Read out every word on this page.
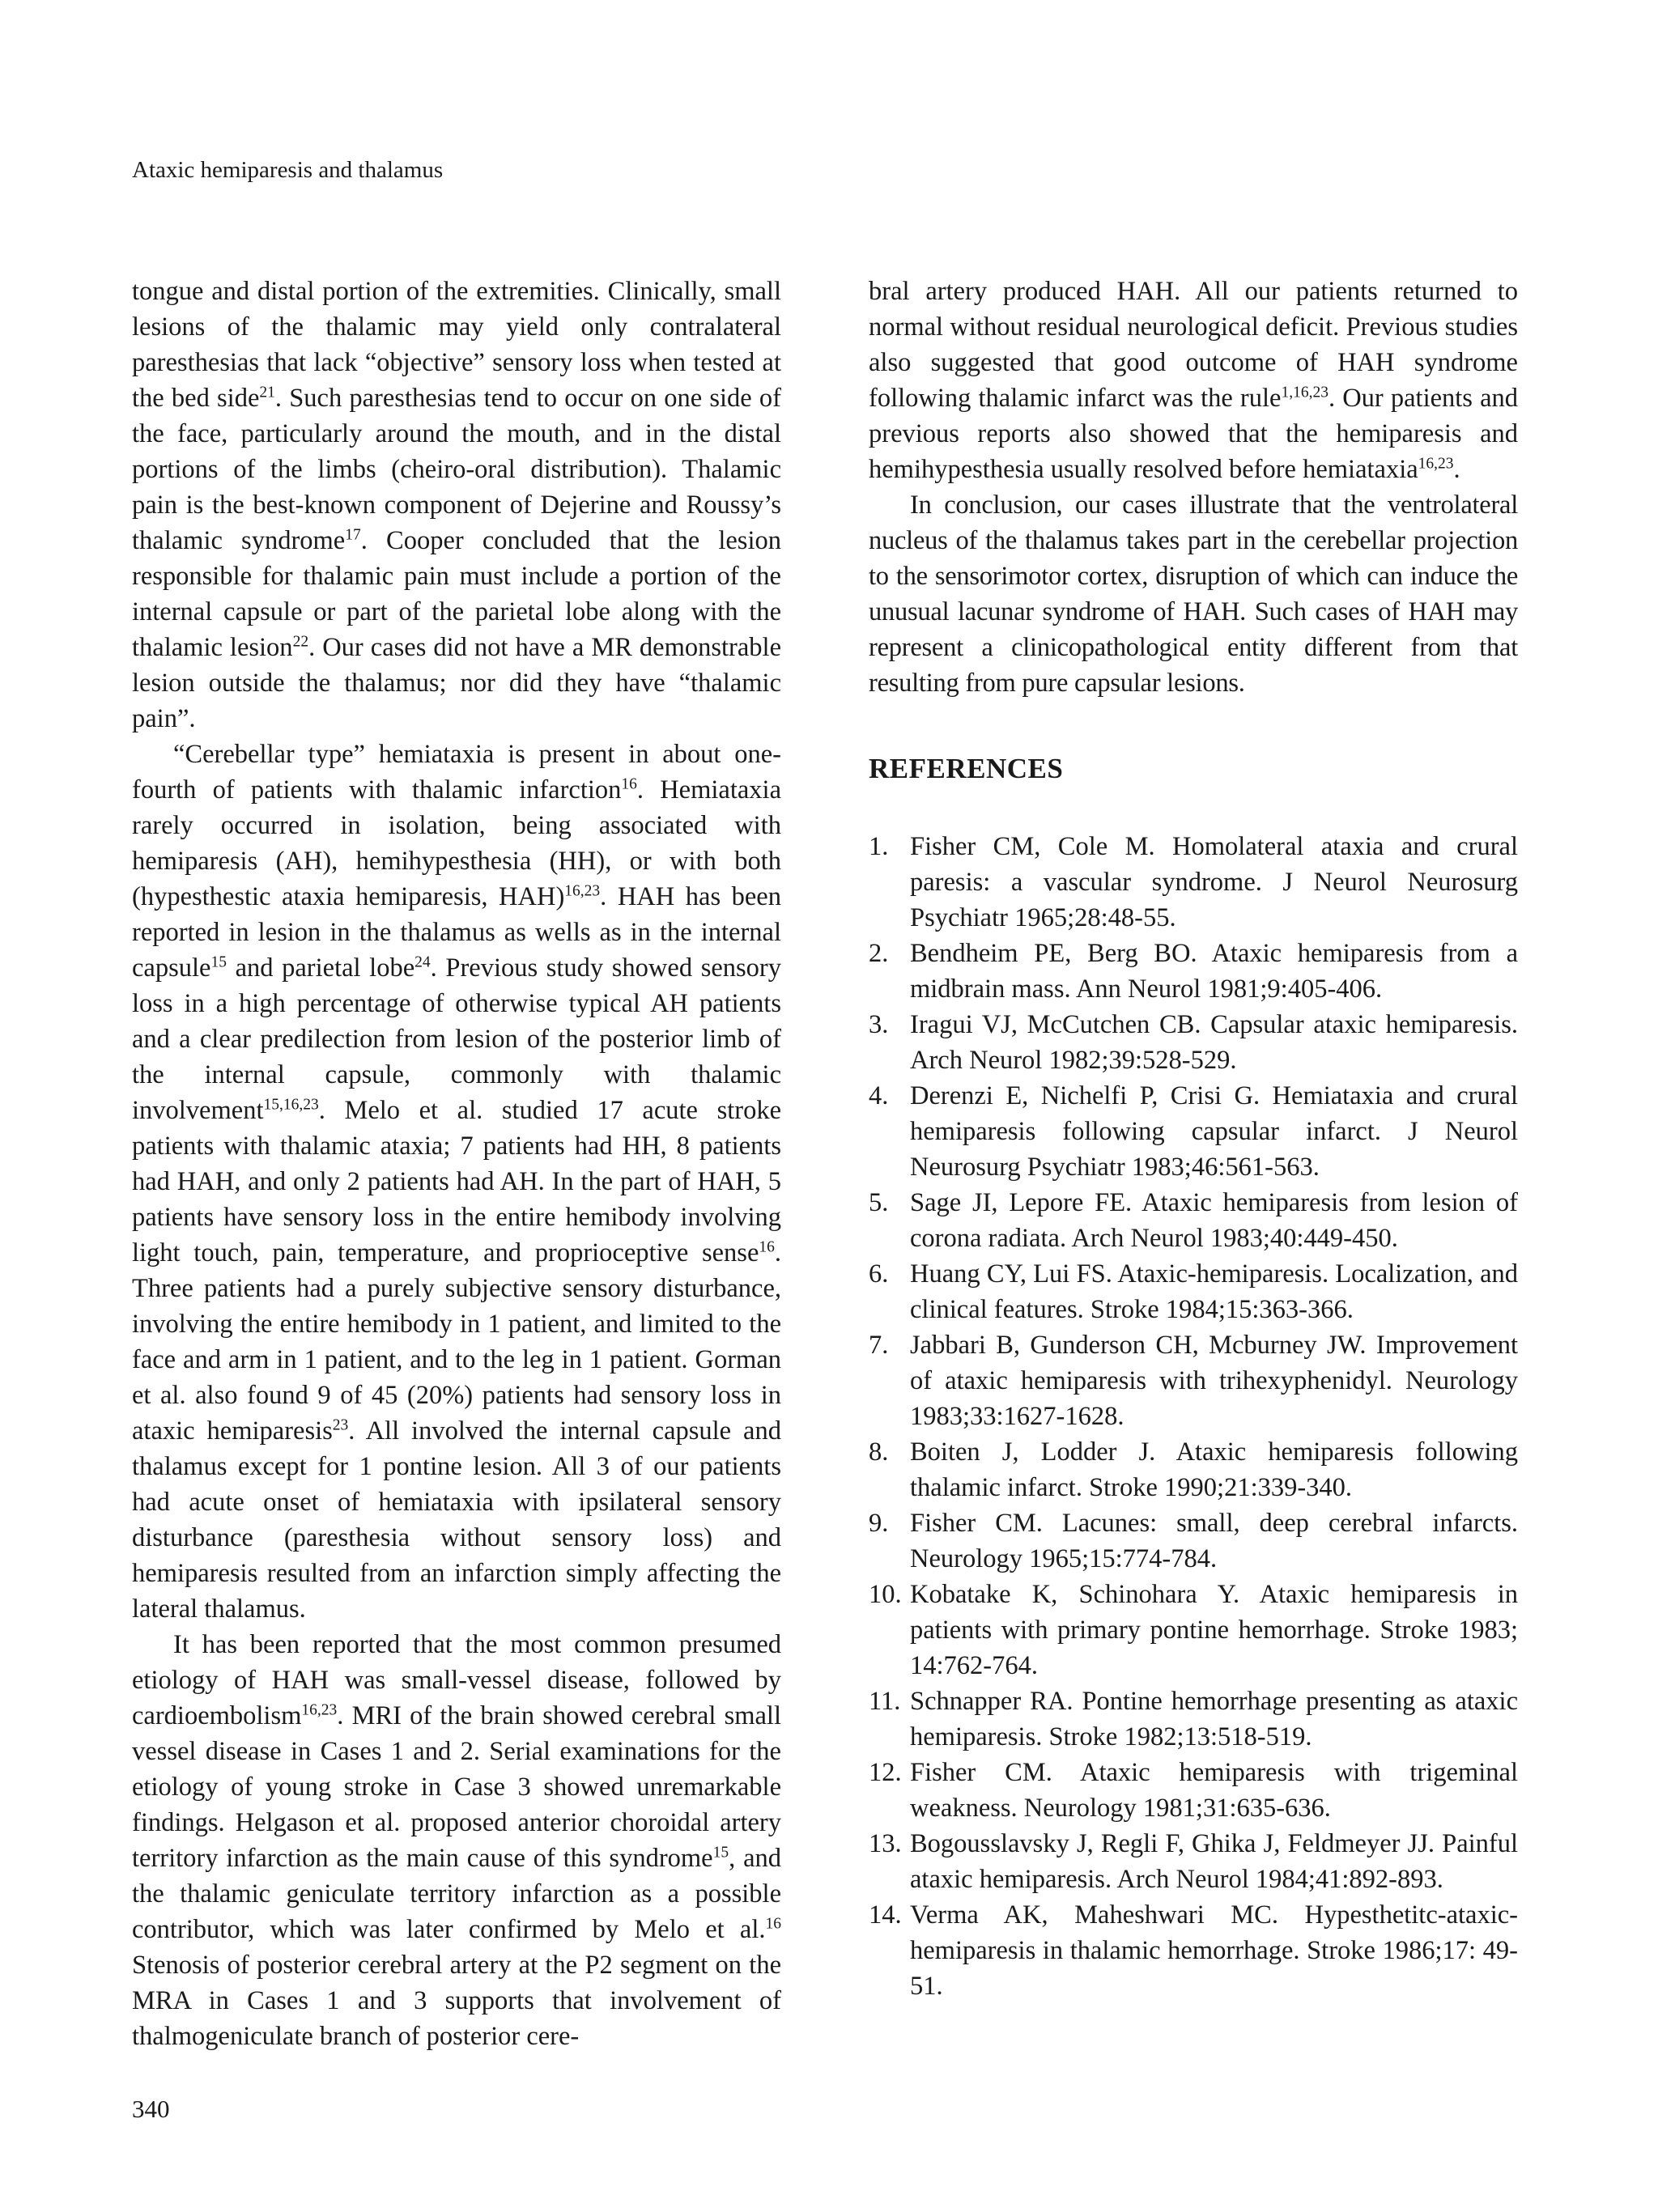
Ataxic hemiparesis and thalamus

tongue and distal portion of the extremities. Clinically, small lesions of the thalamic may yield only contralateral paresthesias that lack “objective” sensory loss when tested at the bed side$^{21}$. Such paresthesias tend to occur on one side of the face, particularly around the mouth, and in the distal portions of the limbs (cheiro-oral distribution). Thalamic pain is the best-known component of Dejerine and Roussy’s thalamic syndrome$^{17}$. Cooper concluded that the lesion responsible for thalamic pain must include a portion of the internal capsule or part of the parietal lobe along with the thalamic lesion$^{22}$. Our cases did not have a MR demonstrable lesion outside the thalamus; nor did they have “thalamic pain”.

“Cerebellar type” hemiataxia is present in about one-fourth of patients with thalamic infarction$^{16}$. Hemiataxia rarely occurred in isolation, being associated with hemiparesis (AH), hemihypesthesia (HH), or with both (hypesthestic ataxia hemiparesis, HAH)$^{16,23}$. HAH has been reported in lesion in the thalamus as wells as in the internal capsule$^{15}$ and parietal lobe$^{24}$. Previous study showed sensory loss in a high percentage of otherwise typical AH patients and a clear predilection from lesion of the posterior limb of the internal capsule, commonly with thalamic involvement$^{15,16,23}$. Melo et al. studied 17 acute stroke patients with thalamic ataxia; 7 patients had HH, 8 patients had HAH, and only 2 patients had AH. In the part of HAH, 5 patients have sensory loss in the entire hemibody involving light touch, pain, temperature, and proprioceptive sense$^{16}$. Three patients had a purely subjective sensory disturbance, involving the entire hemibody in 1 patient, and limited to the face and arm in 1 patient, and to the leg in 1 patient. Gorman et al. also found 9 of 45 (20%) patients had sensory loss in ataxic hemiparesis$^{23}$. All involved the internal capsule and thalamus except for 1 pontine lesion. All 3 of our patients had acute onset of hemiataxia with ipsilateral sensory disturbance (paresthesia without sensory loss) and hemiparesis resulted from an infarction simply affecting the lateral thalamus.

It has been reported that the most common presumed etiology of HAH was small-vessel disease, followed by cardioembolism$^{16,23}$. MRI of the brain showed cerebral small vessel disease in Cases 1 and 2. Serial examinations for the etiology of young stroke in Case 3 showed unremarkable findings. Helgason et al. proposed anterior choroidal artery territory infarction as the main cause of this syndrome$^{15}$, and the thalamic geniculate territory infarction as a possible contributor, which was later confirmed by Melo et al.$^{16}$ Stenosis of posterior cerebral artery at the P2 segment on the MRA in Cases 1 and 3 supports that involvement of thalmogeniculate branch of posterior cere-

bral artery produced HAH. All our patients returned to normal without residual neurological deficit. Previous studies also suggested that good outcome of HAH syndrome following thalamic infarct was the rule$^{1,16,23}$. Our patients and previous reports also showed that the hemiparesis and hemihypesthesia usually resolved before hemiataxia$^{16,23}$.

In conclusion, our cases illustrate that the ventrolateral nucleus of the thalamus takes part in the cerebellar projection to the sensorimotor cortex, disruption of which can induce the unusual lacunar syndrome of HAH. Such cases of HAH may represent a clinicopathological entity different from that resulting from pure capsular lesions.

REFERENCES
1. Fisher CM, Cole M. Homolateral ataxia and crural paresis: a vascular syndrome. J Neurol Neurosurg Psychiatr 1965;28:48-55.
2. Bendheim PE, Berg BO. Ataxic hemiparesis from a midbrain mass. Ann Neurol 1981;9:405-406.
3. Iragui VJ, McCutchen CB. Capsular ataxic hemiparesis. Arch Neurol 1982;39:528-529.
4. Derenzi E, Nichelfi P, Crisi G. Hemiataxia and crural hemiparesis following capsular infarct. J Neurol Neurosurg Psychiatr 1983;46:561-563.
5. Sage JI, Lepore FE. Ataxic hemiparesis from lesion of corona radiata. Arch Neurol 1983;40:449-450.
6. Huang CY, Lui FS. Ataxic-hemiparesis. Localization, and clinical features. Stroke 1984;15:363-366.
7. Jabbari B, Gunderson CH, Mcburney JW. Improvement of ataxic hemiparesis with trihexyphenidyl. Neurology 1983;33:1627-1628.
8. Boiten J, Lodder J. Ataxic hemiparesis following thalamic infarct. Stroke 1990;21:339-340.
9. Fisher CM. Lacunes: small, deep cerebral infarcts. Neurology 1965;15:774-784.
10. Kobatake K, Schinohara Y. Ataxic hemiparesis in patients with primary pontine hemorrhage. Stroke 1983; 14:762-764.
11. Schnapper RA. Pontine hemorrhage presenting as ataxic hemiparesis. Stroke 1982;13:518-519.
12. Fisher CM. Ataxic hemiparesis with trigeminal weakness. Neurology 1981;31:635-636.
13. Bogousslavsky J, Regli F, Ghika J, Feldmeyer JJ. Painful ataxic hemiparesis. Arch Neurol 1984;41:892-893.
14. Verma AK, Maheshwari MC. Hypesthetitc-ataxic-hemiparesis in thalamic hemorrhage. Stroke 1986;17: 49-51.
340
